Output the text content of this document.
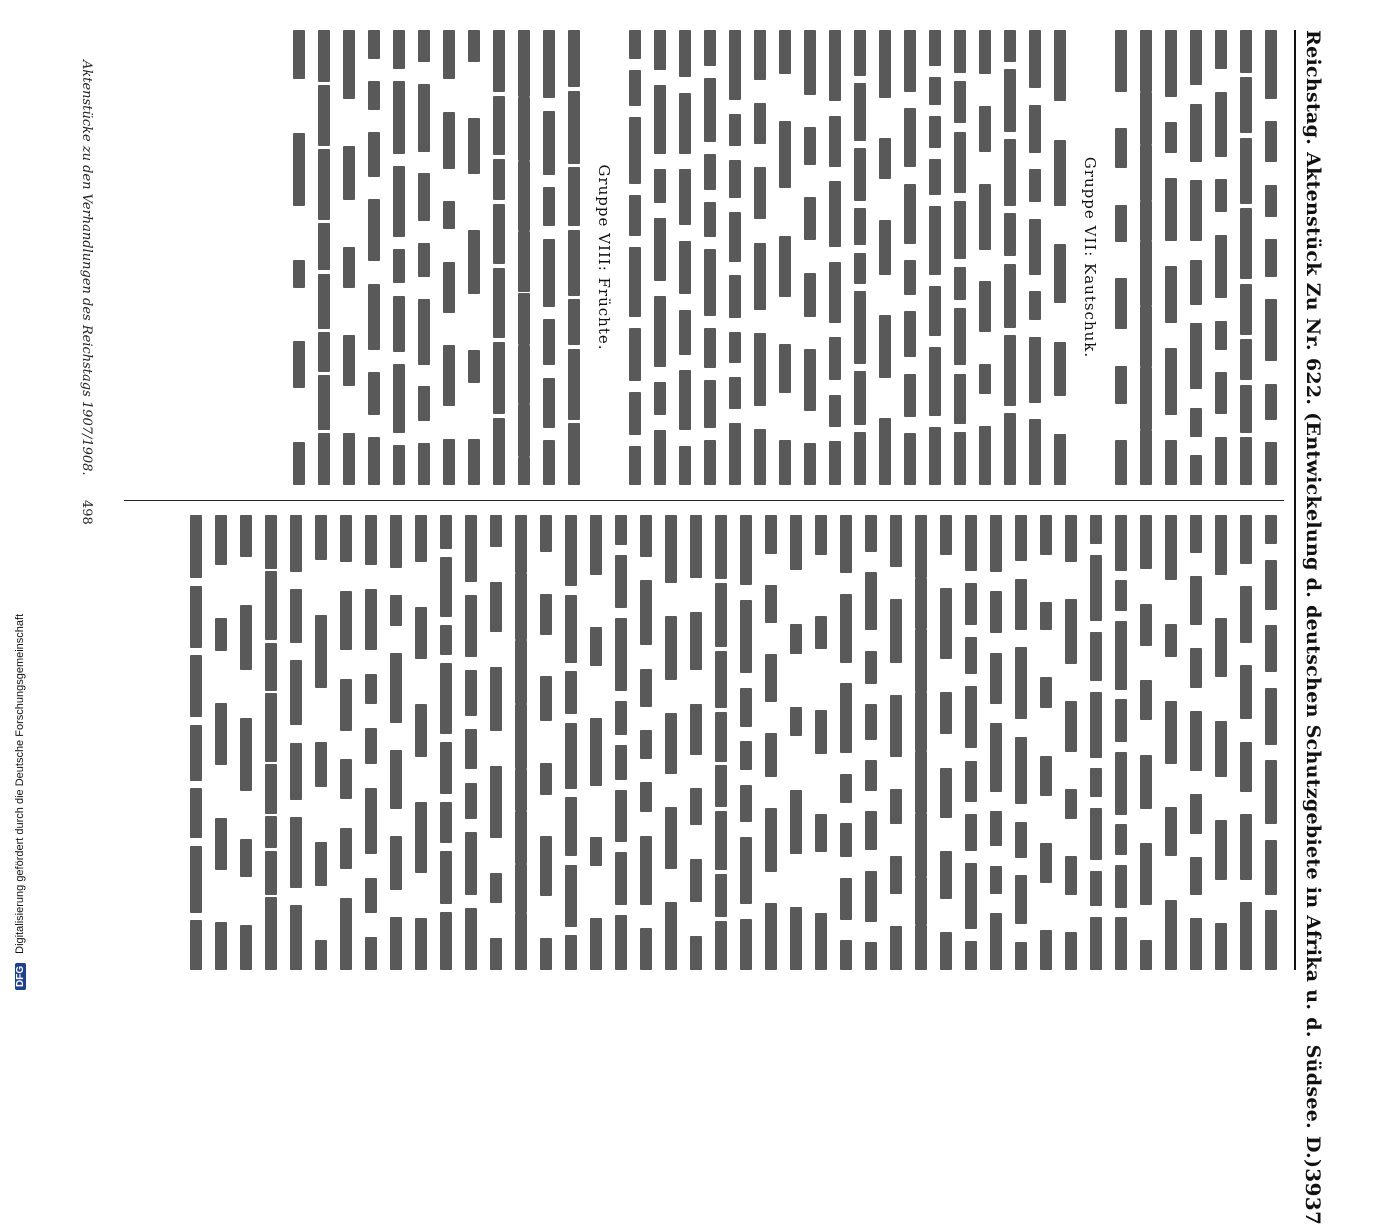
DFG Digitalisierung gefördert durch die Deutsche Forschungsgemeinschaft	Reichstag. Aktenstück Zu Nr. 622. (Entwickelung d. deutschen Schutzgebiete in Afrika u. d. Südsee. D.)
3937
Gruppe VII: Kautschuk.
Gruppe VIII: Früchte.
Aktenstücke zu den Verhandlungen des Reichstags 1907/1908.
498
